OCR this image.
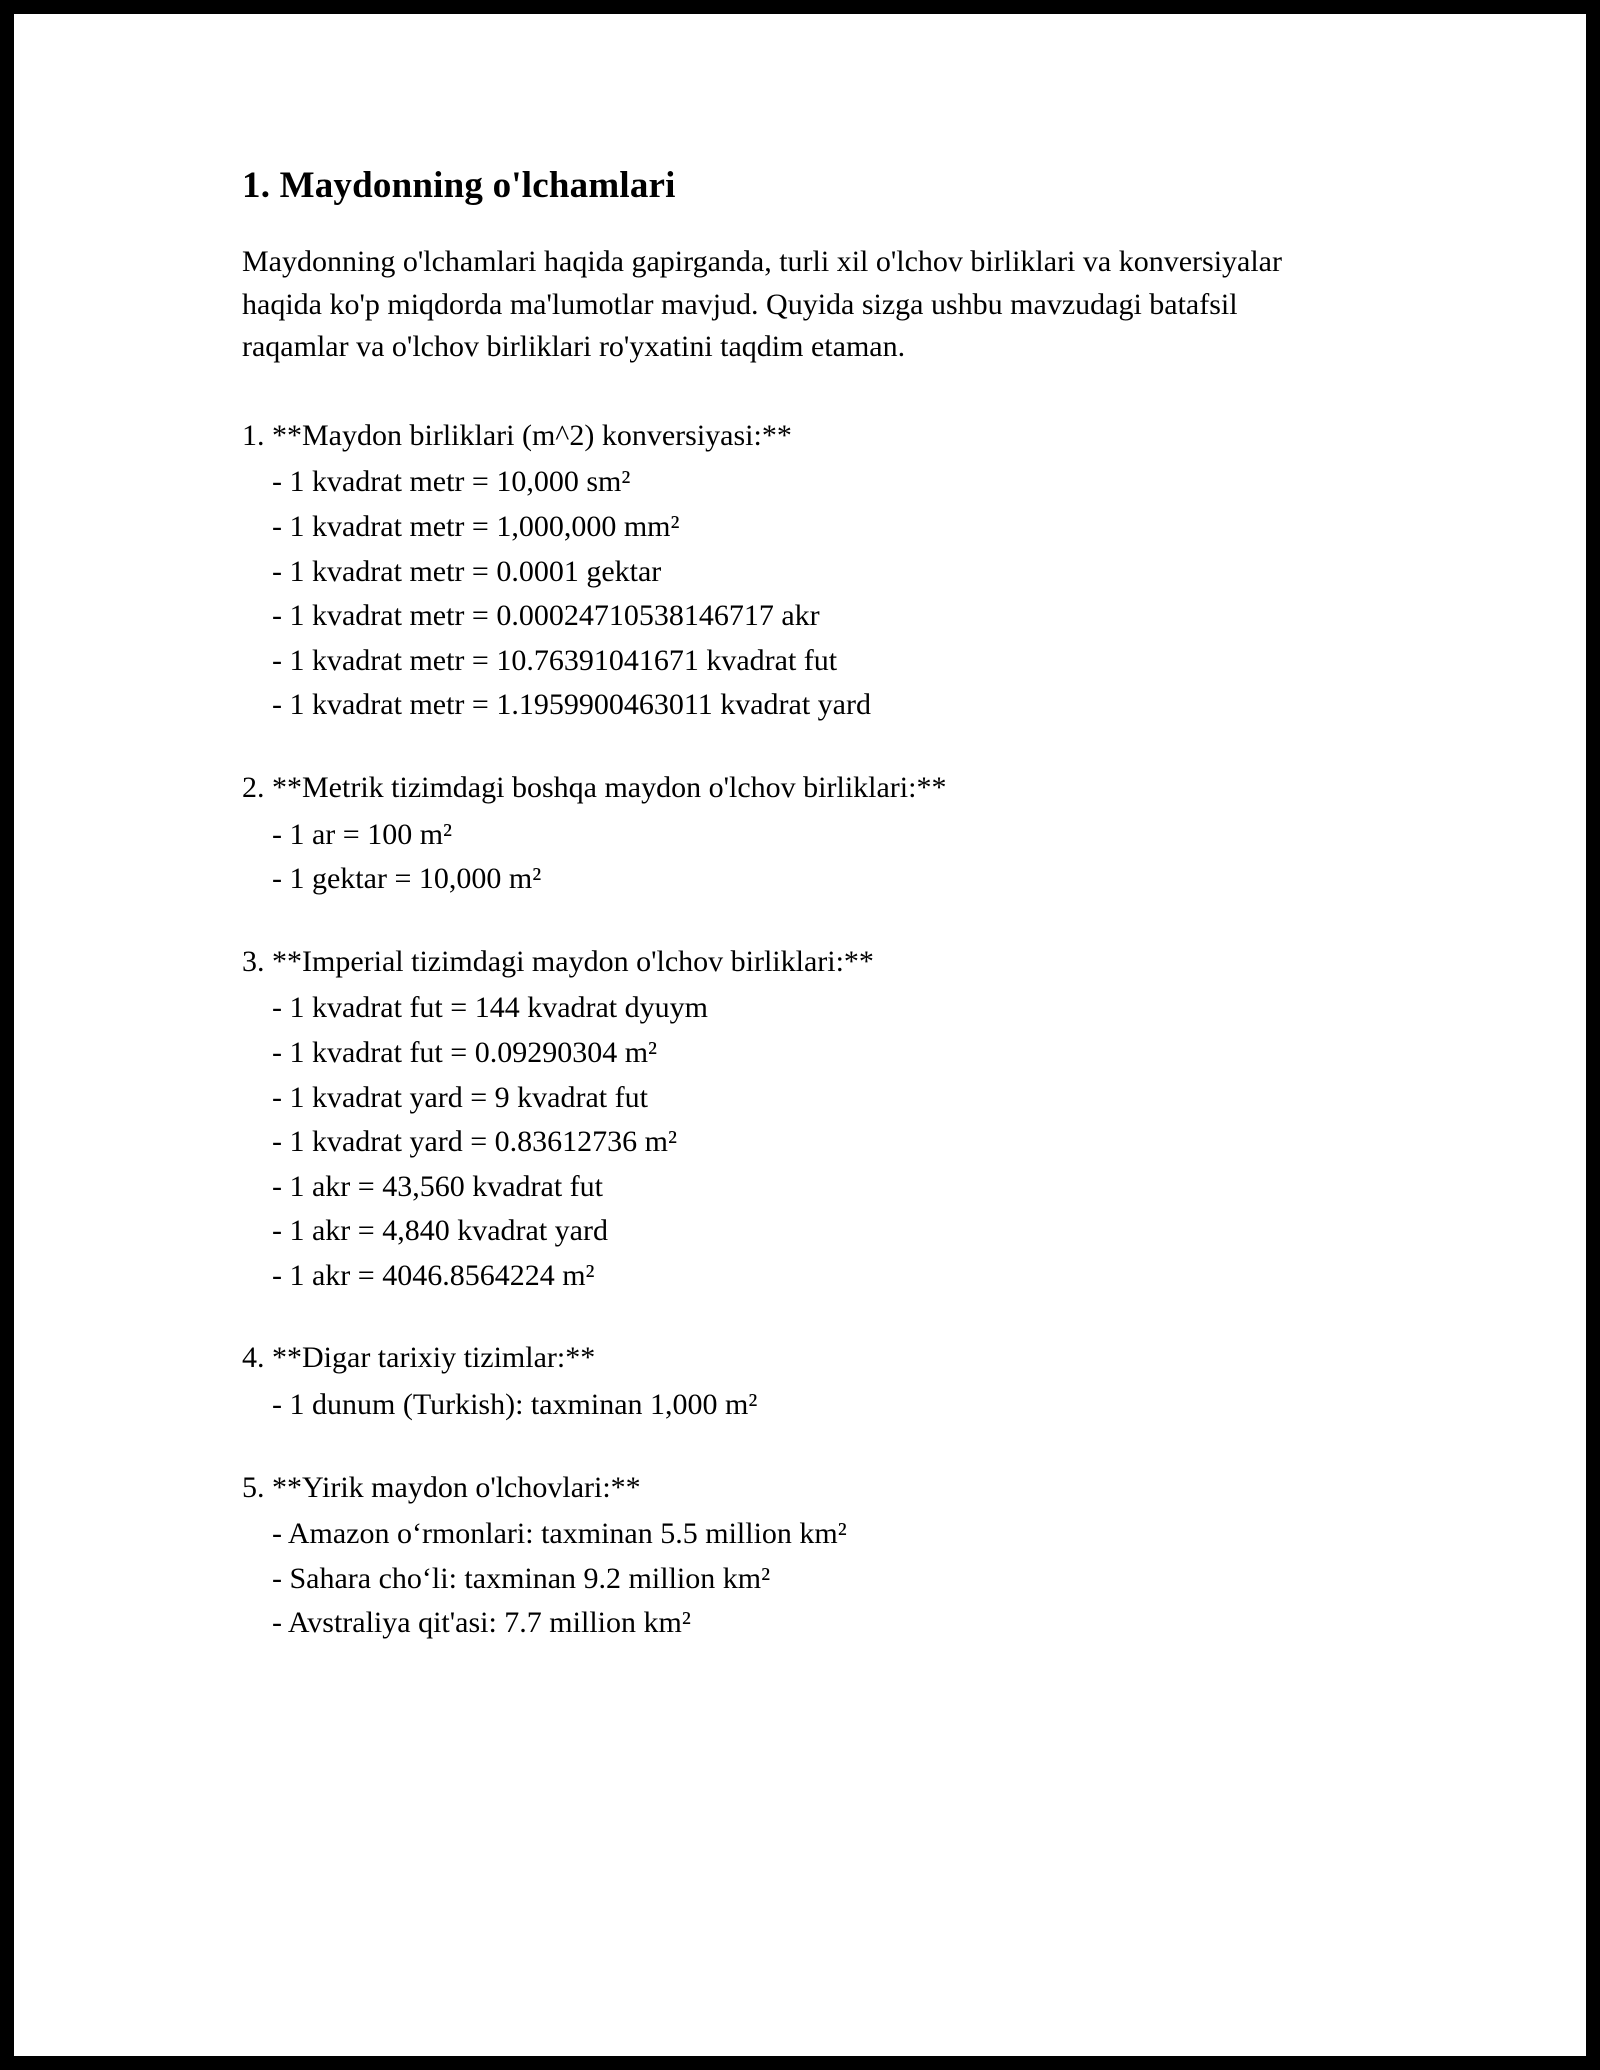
1. Maydonning o'lchamlari

Maydonning o'lchamlari haqida gapirganda, turli xil o'lchov birliklari va konversiyalar haqida ko'p miqdorda ma'lumotlar mavjud. Quyida sizga ushbu mavzudagi batafsil raqamlar va o'lchov birliklari ro'yxatini taqdim etaman.

1. **Maydon birliklari (m^2) konversiyasi:**
- 1 kvadrat metr = 10,000 sm²
- 1 kvadrat metr = 1,000,000 mm²
- 1 kvadrat metr = 0.0001 gektar
- 1 kvadrat metr = 0.00024710538146717 akr
- 1 kvadrat metr = 10.76391041671 kvadrat fut
- 1 kvadrat metr = 1.1959900463011 kvadrat yard
2. **Metrik tizimdagi boshqa maydon o'lchov birliklari:**
- 1 ar = 100 m²
- 1 gektar = 10,000 m²
3. **Imperial tizimdagi maydon o'lchov birliklari:**
- 1 kvadrat fut = 144 kvadrat dyuym
- 1 kvadrat fut = 0.09290304 m²
- 1 kvadrat yard = 9 kvadrat fut
- 1 kvadrat yard = 0.83612736 m²
- 1 akr = 43,560 kvadrat fut
- 1 akr = 4,840 kvadrat yard
- 1 akr = 4046.8564224 m²
4. **Digar tarixiy tizimlar:**
- 1 dunum (Turkish): taxminan 1,000 m²
5. **Yirik maydon o'lchovlari:**
- Amazon o‘rmonlari: taxminan 5.5 million km²
- Sahara cho‘li: taxminan 9.2 million km²
- Avstraliya qit'asi: 7.7 million km²
